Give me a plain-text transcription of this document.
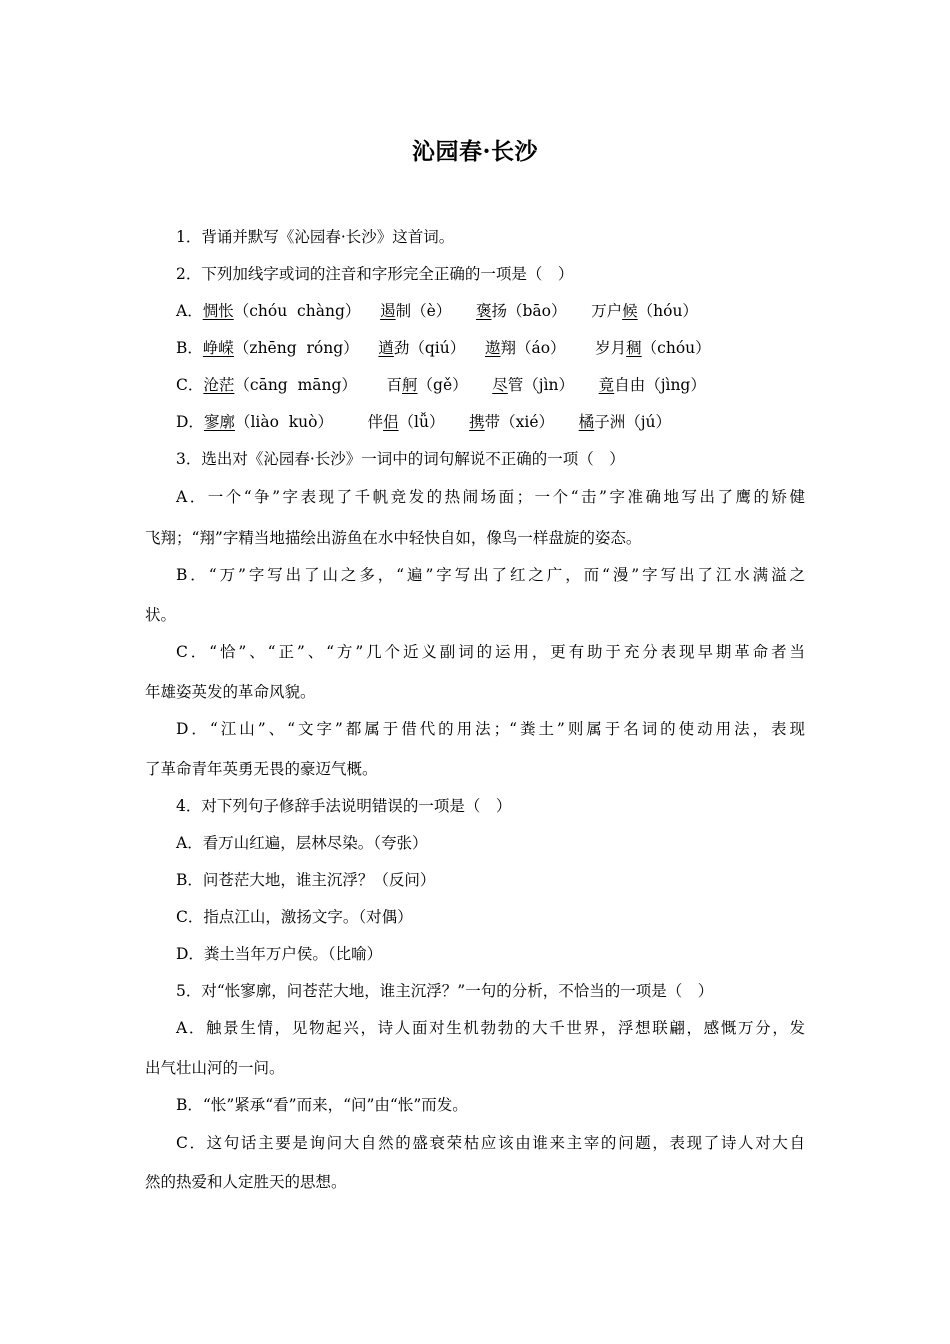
沁园春·长沙
1．背诵并默写《沁园春·长沙》这首词。
2．下列加线字或词的注音和字形完全正确的一项是（　）
A．惆怅（chóu  chàng） 遏制（è） 褒扬（bāo） 万户候（hóu）
B．峥嵘（zhēng  róng） 遒劲（qiú） 遨翔（áo） 岁月稠（chóu）
C．沧茫（cāng  māng） 百舸（gě） 尽管（jìn） 竟自由（jìng）
D．寥廓（liào  kuò） 伴侣（lǚ） 携带（xié） 橘子洲（jú）
3．选出对《沁园春·长沙》一词中的词句解说不正确的一项（　）
A．一个“争”字表现了千帆竞发的热闹场面；一个“击”字准确地写出了鹰的矫健
飞翔；“翔”字精当地描绘出游鱼在水中轻快自如，像鸟一样盘旋的姿态。
B．“万”字写出了山之多，“遍”字写出了红之广，而“漫”字写出了江水满溢之
状。
C．“恰”、“正”、“方”几个近义副词的运用，更有助于充分表现早期革命者当
年雄姿英发的革命风貌。
D．“江山”、“文字”都属于借代的用法；“粪土”则属于名词的使动用法，表现
了革命青年英勇无畏的豪迈气概。
4．对下列句子修辞手法说明错误的一项是（　）
A．看万山红遍，层林尽染。（夸张）
B．问苍茫大地，谁主沉浮？（反问）
C．指点江山，激扬文字。（对偶）
D．粪土当年万户侯。（比喻）
5．对“怅寥廓，问苍茫大地，谁主沉浮？”一句的分析，不恰当的一项是（　）
A．触景生情，见物起兴，诗人面对生机勃勃的大千世界，浮想联翩，感慨万分，发
出气壮山河的一问。
B．“怅”紧承“看”而来，“问”由“怅”而发。
C．这句话主要是询问大自然的盛衰荣枯应该由谁来主宰的问题，表现了诗人对大自
然的热爱和人定胜天的思想。
